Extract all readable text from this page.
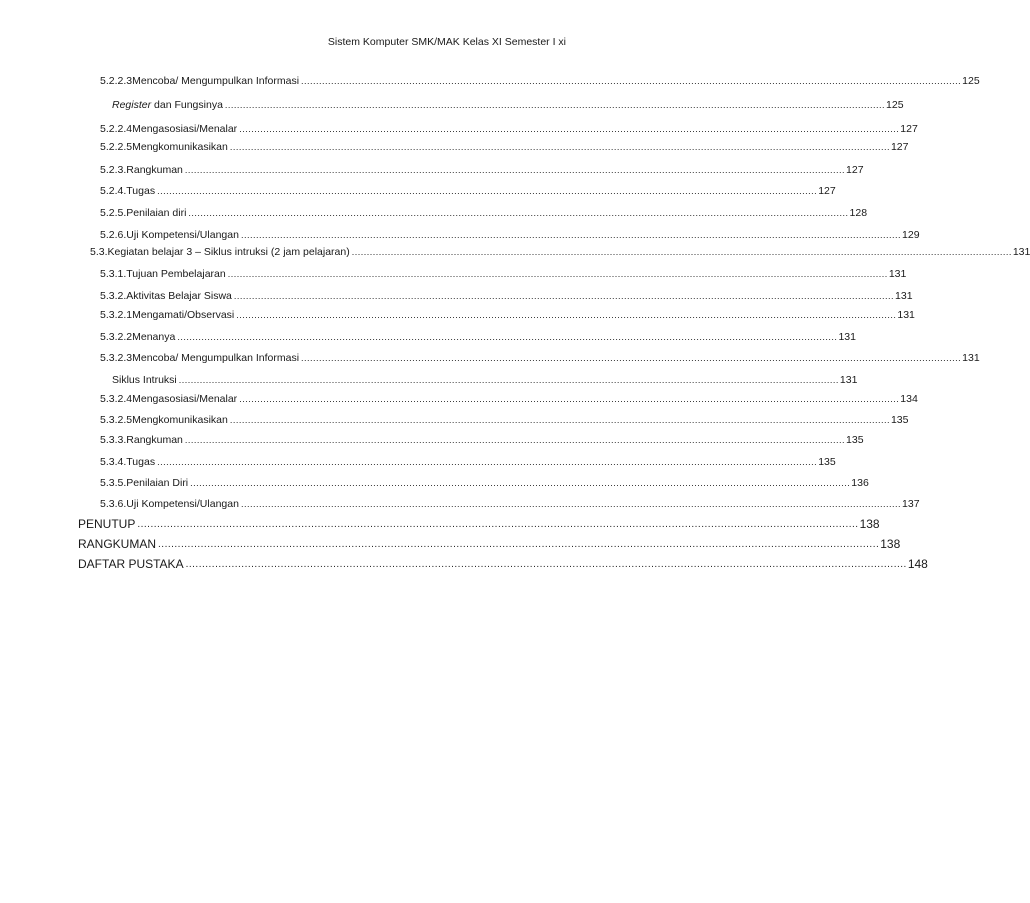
Sistem Komputer SMK/MAK Kelas XI Semester I xi
5.2.2.3 Mencoba/ Mengumpulkan Informasi ............................................................................................................................................................................................................................ 125
Register dan Fungsinya ............................................................................................................................................................................................................................ 125
5.2.2.4 Mengasosiasi/Menalar ............................................................................................................................................................................................................................ 127
5.2.2.5 Mengkomunikasikan ............................................................................................................................................................................................................................ 127
5.2.3. Rangkuman ............................................................................................................................................................................................................................ 127
5.2.4. Tugas ............................................................................................................................................................................................................................ 127
5.2.5. Penilaian diri ............................................................................................................................................................................................................................ 128
5.2.6. Uji Kompetensi/Ulangan ............................................................................................................................................................................................................................ 129
5.3. Kegiatan belajar 3 – Siklus intruksi (2 jam pelajaran) ............................................................................................................................................................................................................................ 131
5.3.1. Tujuan Pembelajaran ............................................................................................................................................................................................................................ 131
5.3.2. Aktivitas Belajar Siswa ............................................................................................................................................................................................................................ 131
5.3.2.1 Mengamati/Observasi ............................................................................................................................................................................................................................ 131
5.3.2.2 Menanya ............................................................................................................................................................................................................................ 131
5.3.2.3 Mencoba/ Mengumpulkan Informasi ............................................................................................................................................................................................................................ 131
Siklus Intruksi ............................................................................................................................................................................................................................ 131
5.3.2.4 Mengasosiasi/Menalar ............................................................................................................................................................................................................................ 134
5.3.2.5 Mengkomunikasikan ............................................................................................................................................................................................................................ 135
5.3.3. Rangkuman ............................................................................................................................................................................................................................ 135
5.3.4. Tugas ............................................................................................................................................................................................................................ 135
5.3.5. Penilaian Diri ............................................................................................................................................................................................................................ 136
5.3.6. Uji Kompetensi/Ulangan ............................................................................................................................................................................................................................ 137
PENUTUP ............................................................................................................................................................................................................................ 138
RANGKUMAN ............................................................................................................................................................................................................................ 138
DAFTAR PUSTAKA ............................................................................................................................................................................................................................ 148
